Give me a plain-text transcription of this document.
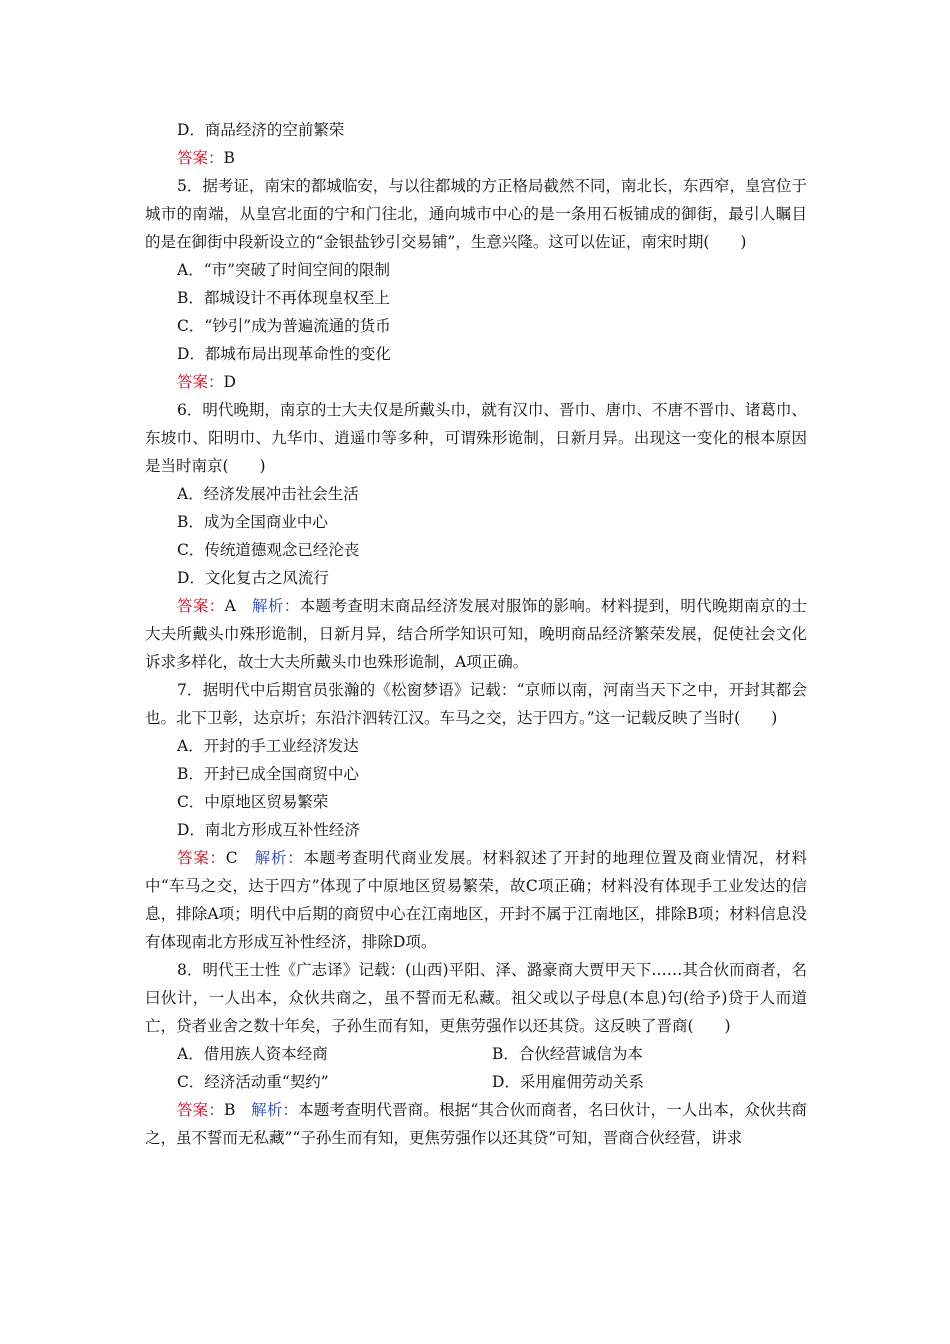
D．商品经济的空前繁荣

答案：B

5．据考证，南宋的都城临安，与以往都城的方正格局截然不同，南北长，东西窄，皇宫位于城市的南端，从皇宫北面的宁和门往北，通向城市中心的是一条用石板铺成的御街，最引人瞩目的是在御街中段新设立的“金银盐钞引交易铺”，生意兴隆。这可以佐证，南宋时期(　　)

A．“市”突破了时间空间的限制

B．都城设计不再体现皇权至上

C．“钞引”成为普遍流通的货币

D．都城布局出现革命性的变化

答案：D

6．明代晚期，南京的士大夫仅是所戴头巾，就有汉巾、晋巾、唐巾、不唐不晋巾、诸葛巾、东坡巾、阳明巾、九华巾、逍遥巾等多种，可谓殊形诡制，日新月异。出现这一变化的根本原因是当时南京(　　)

A．经济发展冲击社会生活

B．成为全国商业中心

C．传统道德观念已经沦丧

D．文化复古之风流行

答案：A　 解析：本题考查明末商品经济发展对服饰的影响。材料提到，明代晚期南京的士大夫所戴头巾殊形诡制，日新月异，结合所学知识可知，晚明商品经济繁荣发展，促使社会文化诉求多样化，故士大夫所戴头巾也殊形诡制，A项正确。

7．据明代中后期官员张瀚的《松窗梦语》记载：“京师以南，河南当天下之中，开封其都会也。北下卫彰，达京圻；东沿汴泗转江汉。车马之交，达于四方。”这一记载反映了当时(　　)

A．开封的手工业经济发达

B．开封已成全国商贸中心

C．中原地区贸易繁荣

D．南北方形成互补性经济

答案：C　 解析：本题考查明代商业发展。材料叙述了开封的地理位置及商业情况，材料中“车马之交，达于四方”体现了中原地区贸易繁荣，故C项正确；材料没有体现手工业发达的信息，排除A项；明代中后期的商贸中心在江南地区，开封不属于江南地区，排除B项；材料信息没有体现南北方形成互补性经济，排除D项。

8．明代王士性《广志译》记载：(山西)平阳、泽、潞豪商大贾甲天下……其合伙而商者，名曰伙计，一人出本，众伙共商之，虽不誓而无私藏。祖父或以子母息(本息)匄(给予)贷于人而道亡，贷者业舍之数十年矣，子孙生而有知，更焦劳强作以还其贷。这反映了晋商(　　)

A．借用族人资本经商	B．合伙经营诚信为本
C．经济活动重“契约”	D．采用雇佣劳动关系

答案：B　 解析：本题考查明代晋商。根据“其合伙而商者，名曰伙计，一人出本，众伙共商之，虽不誓而无私藏”“子孙生而有知，更焦劳强作以还其贷”可知，晋商合伙经营，讲求
